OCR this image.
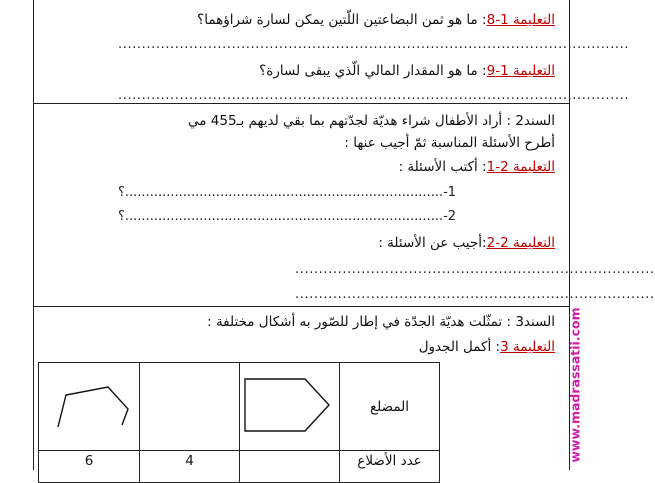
التعليمة 1-8: ما هو ثمن البضاعتين اللّتين يمكن لسارة شراؤهما؟
............................................................................................................
التعليمة 1-9: ما هو المقدار المالي الّذي يبقى لسارة؟
............................................................................................................
السند2 : أراد الأطفال شراء هديّة لجدّتهم بما بقي لديهم بـ455 مي
أطرح الأسئلة المناسبة ثمّ أجيب عنها :
التعليمة 2-1: أكتب الأسئلة :
1-.............................................................................؟
2-.............................................................................؟
التعليمة 2-2:أجيب عن الأسئلة :
............................................................................
............................................................................
السند3 : تمثّلت هديّة الجدّة في إطار للصّور به أشكال مختلفة :
التعليمة 3: أكمل الجدول
			المضلع
6	4		عدد الأضلاع	www.madrassatii.com
